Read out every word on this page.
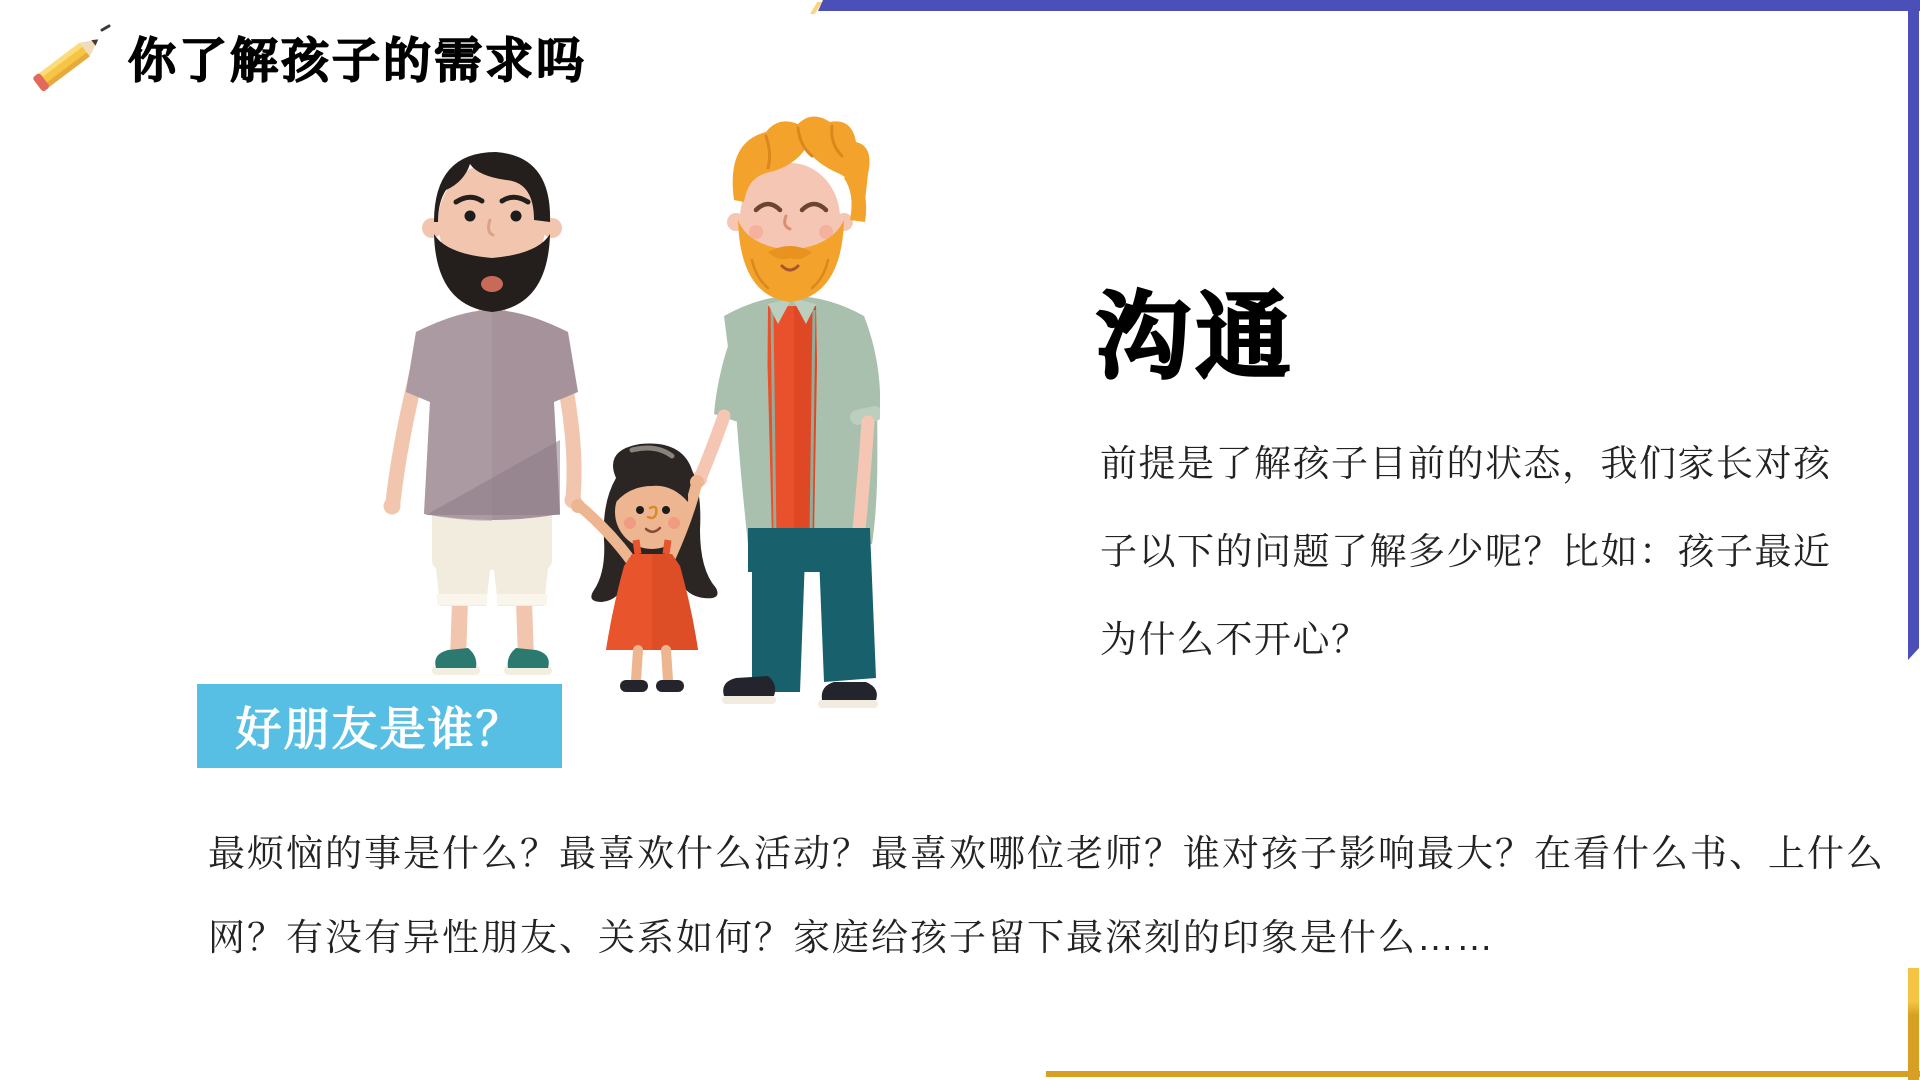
你了解孩子的需求吗
好朋友是谁？
沟通
前提是了解孩子目前的状态，我们家长对孩
子以下的问题了解多少呢？比如：孩子最近
为什么不开心？
最烦恼的事是什么？最喜欢什么活动？最喜欢哪位老师？谁对孩子影响最大？在看什么书、上什么
网？有没有异性朋友、关系如何？家庭给孩子留下最深刻的印象是什么……
